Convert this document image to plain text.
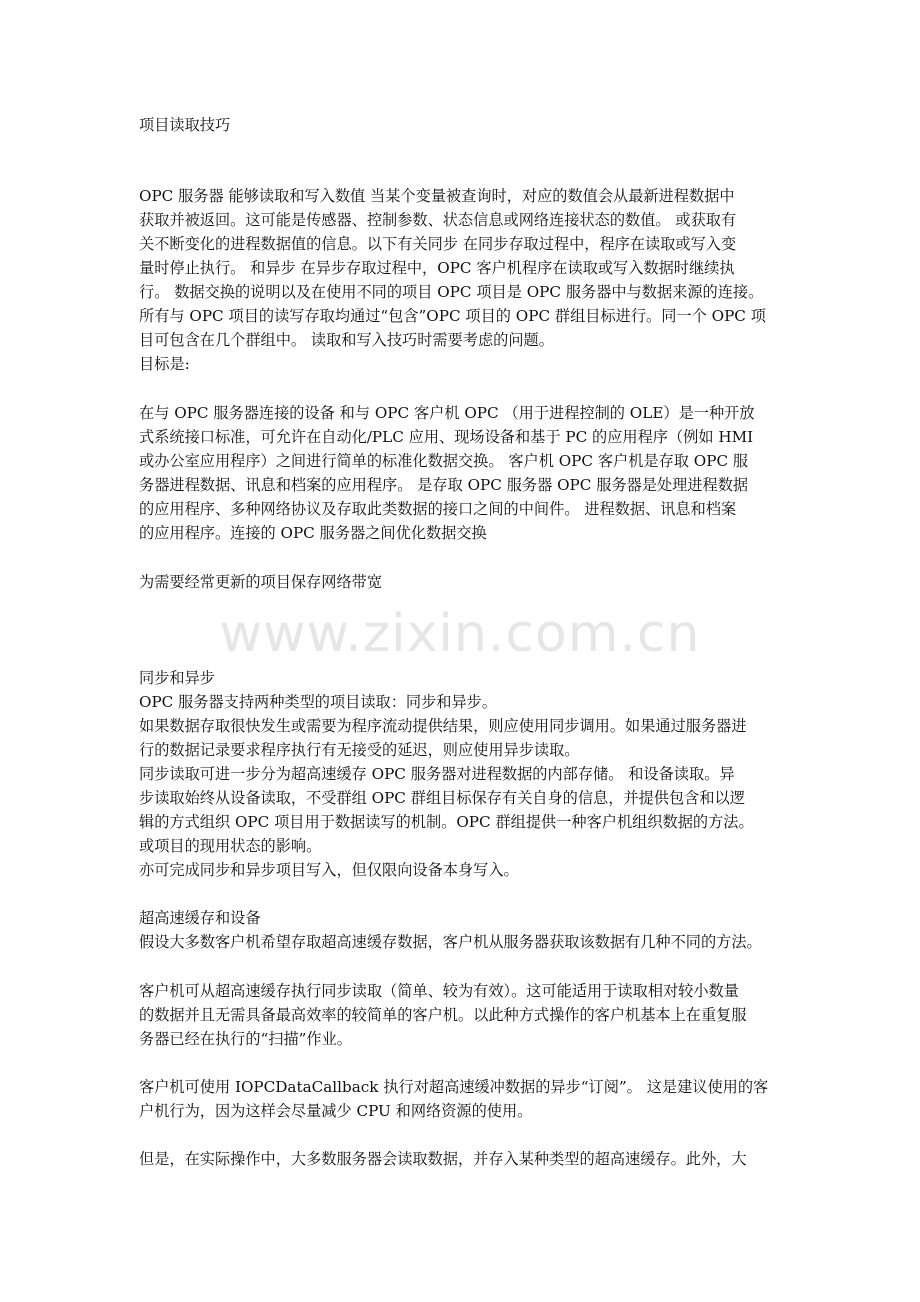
www.zixin.com.cn
项目读取技巧
OPC 服务器 能够读取和写入数值 当某个变量被查询时，对应的数值会从最新进程数据中
获取并被返回。这可能是传感器、控制参数、状态信息或网络连接状态的数值。 或获取有
关不断变化的进程数据值的信息。以下有关同步 在同步存取过程中，程序在读取或写入变
量时停止执行。 和异步 在异步存取过程中，OPC 客户机程序在读取或写入数据时继续执
行。 数据交换的说明以及在使用不同的项目 OPC 项目是 OPC 服务器中与数据来源的连接。
所有与 OPC 项目的读写存取均通过“包含”OPC 项目的 OPC 群组目标进行。同一个 OPC 项
目可包含在几个群组中。 读取和写入技巧时需要考虑的问题。
目标是:
在与 OPC 服务器连接的设备 和与 OPC 客户机 OPC （用于进程控制的 OLE）是一种开放
式系统接口标准，可允许在自动化/PLC 应用、现场设备和基于 PC 的应用程序（例如 HMI
或办公室应用程序）之间进行简单的标准化数据交换。 客户机 OPC 客户机是存取 OPC 服
务器进程数据、讯息和档案的应用程序。 是存取 OPC 服务器 OPC 服务器是处理进程数据
的应用程序、多种网络协议及存取此类数据的接口之间的中间件。 进程数据、讯息和档案
的应用程序。连接的 OPC 服务器之间优化数据交换
为需要经常更新的项目保存网络带宽
同步和异步
OPC 服务器支持两种类型的项目读取：同步和异步。
如果数据存取很快发生或需要为程序流动提供结果，则应使用同步调用。如果通过服务器进
行的数据记录要求程序执行有无接受的延迟，则应使用异步读取。
同步读取可进一步分为超高速缓存 OPC 服务器对进程数据的内部存储。 和设备读取。异
步读取始终从设备读取，不受群组 OPC 群组目标保存有关自身的信息，并提供包含和以逻
辑的方式组织 OPC 项目用于数据读写的机制。OPC 群组提供一种客户机组织数据的方法。
或项目的现用状态的影响。
亦可完成同步和异步项目写入，但仅限向设备本身写入。
超高速缓存和设备
假设大多数客户机希望存取超高速缓存数据，客户机从服务器获取该数据有几种不同的方法。
客户机可从超高速缓存执行同步读取（简单、较为有效）。这可能适用于读取相对较小数量
的数据并且无需具备最高效率的较简单的客户机。以此种方式操作的客户机基本上在重复服
务器已经在执行的“扫描”作业。
客户机可使用 IOPCDataCallback 执行对超高速缓冲数据的异步“订阅”。 这是建议使用的客
户机行为，因为这样会尽量减少 CPU 和网络资源的使用。
但是，在实际操作中，大多数服务器会读取数据，并存入某种类型的超高速缓存。此外，大
